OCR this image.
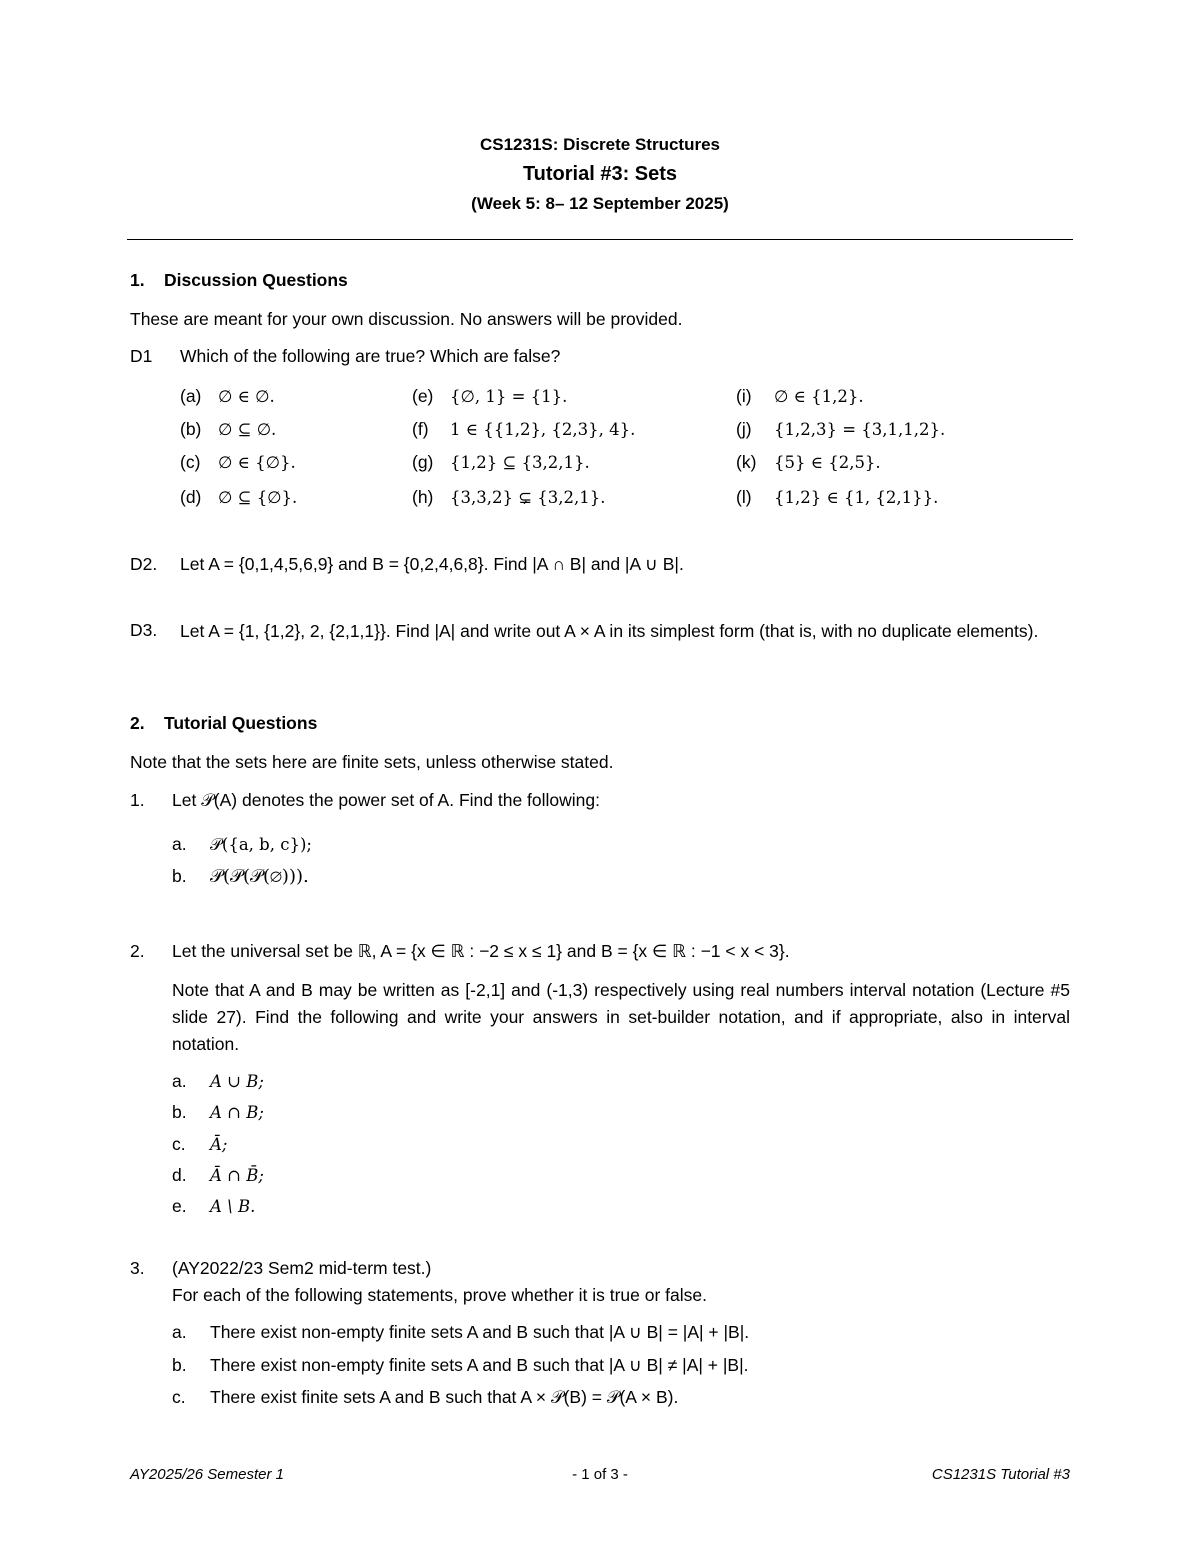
CS1231S: Discrete Structures
Tutorial #3: Sets
(Week 5: 8– 12 September 2025)
1. Discussion Questions
These are meant for your own discussion. No answers will be provided.
D1 Which of the following are true? Which are false?
(a) ∅ ∈ ∅.
(b) ∅ ⊆ ∅.
(c) ∅ ∈ {∅}.
(d) ∅ ⊆ {∅}.
(e) {∅, 1} = {1}.
(f) 1 ∈ {{1,2}, {2,3}, 4}.
(g) {1,2} ⊆ {3,2,1}.
(h) {3,3,2} ⊊ {3,2,1}.
(i) ∅ ∈ {1,2}.
(j) {1,2,3} = {3,1,1,2}.
(k) {5} ∈ {2,5}.
(l) {1,2} ∈ {1, {2,1}}.
D2. Let A = {0,1,4,5,6,9} and B = {0,2,4,6,8}. Find |A ∩ B| and |A ∪ B|.
D3. Let A = {1, {1,2}, 2, {2,1,1}}. Find |A| and write out A × A in its simplest form (that is, with no duplicate elements).
2. Tutorial Questions
Note that the sets here are finite sets, unless otherwise stated.
1. Let 𝒫(A) denotes the power set of A. Find the following:
a. 𝒫({a, b, c});
b. 𝒫(𝒫(𝒫(∅))).
2. Let the universal set be ℝ, A = {x ∈ ℝ : −2 ≤ x ≤ 1} and B = {x ∈ ℝ : −1 < x < 3}.
Note that A and B may be written as [-2,1] and (-1,3) respectively using real numbers interval notation (Lecture #5 slide 27). Find the following and write your answers in set-builder notation, and if appropriate, also in interval notation.
a. A ∪ B;
b. A ∩ B;
c. Ā;
d. Ā ∩ B̄;
e. A \ B.
3. (AY2022/23 Sem2 mid-term test.)
For each of the following statements, prove whether it is true or false.
a. There exist non-empty finite sets A and B such that |A ∪ B| = |A| + |B|.
b. There exist non-empty finite sets A and B such that |A ∪ B| ≠ |A| + |B|.
c. There exist finite sets A and B such that A × 𝒫(B) = 𝒫(A × B).
AY2025/26 Semester 1	- 1 of 3 -	CS1231S Tutorial #3
